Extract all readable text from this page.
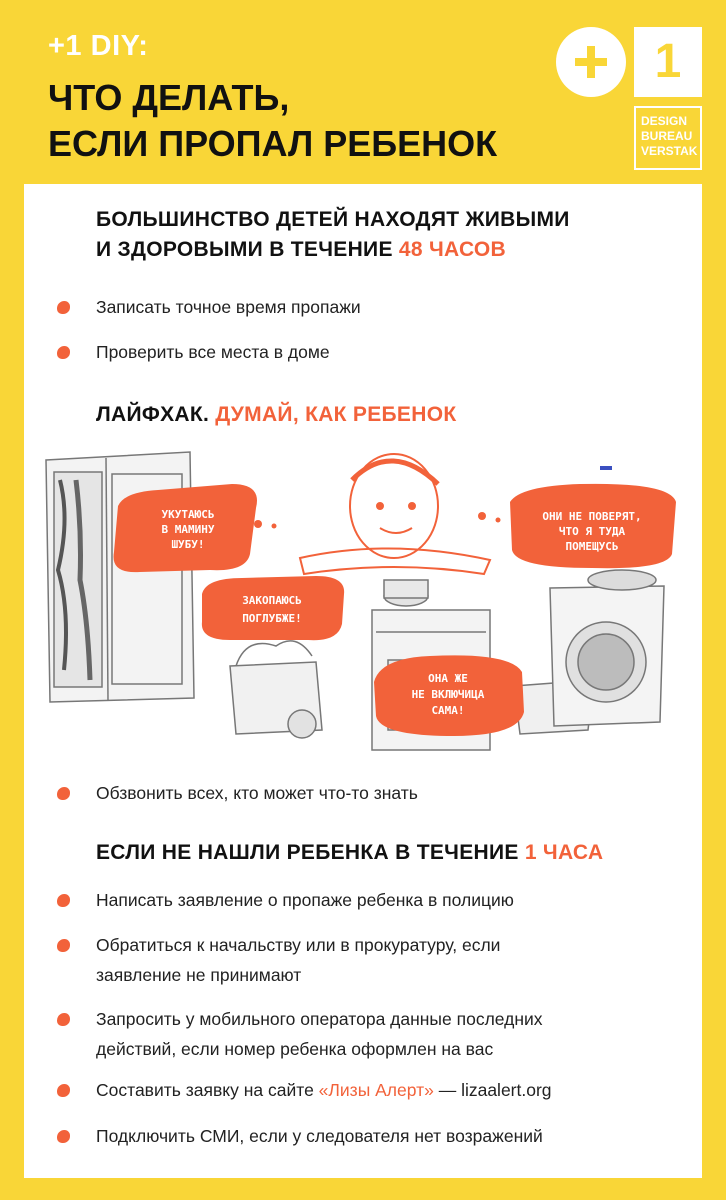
+1 DIY:
ЧТО ДЕЛАТЬ,
ЕСЛИ ПРОПАЛ РЕБЕНОК
1
DESIGN
BUREAU
VERSTAK
БОЛЬШИНСТВО ДЕТЕЙ НАХОДЯТ ЖИВЫМИ
И ЗДОРОВЫМИ В ТЕЧЕНИЕ 48 ЧАСОВ
Записать точное время пропажи
Проверить все места в доме
ЛАЙФХАК. ДУМАЙ, КАК РЕБЕНОК
УКУТАЮСЬ
В МАМИНУ
ШУБУ!
ОНИ НЕ ПОВЕРЯТ,
ЧТО Я ТУДА
ПОМЕЩУСЬ
ЗАКОПАЮСЬ
ПОГЛУБЖЕ!
ОНА ЖЕ
НЕ ВКЛЮЧИЦА
САМА!
Обзвонить всех, кто может что-то знать
ЕСЛИ НЕ НАШЛИ РЕБЕНКА В ТЕЧЕНИЕ 1 ЧАСА
Написать заявление о пропаже ребенка в полицию
Обратиться к начальству или в прокуратуру, если
заявление не принимают
Запросить у мобильного оператора данные последних
действий, если номер ребенка оформлен на вас
Составить заявку на сайте «Лизы Алерт» — lizaalert.org
Подключить СМИ, если у следователя нет возражений
